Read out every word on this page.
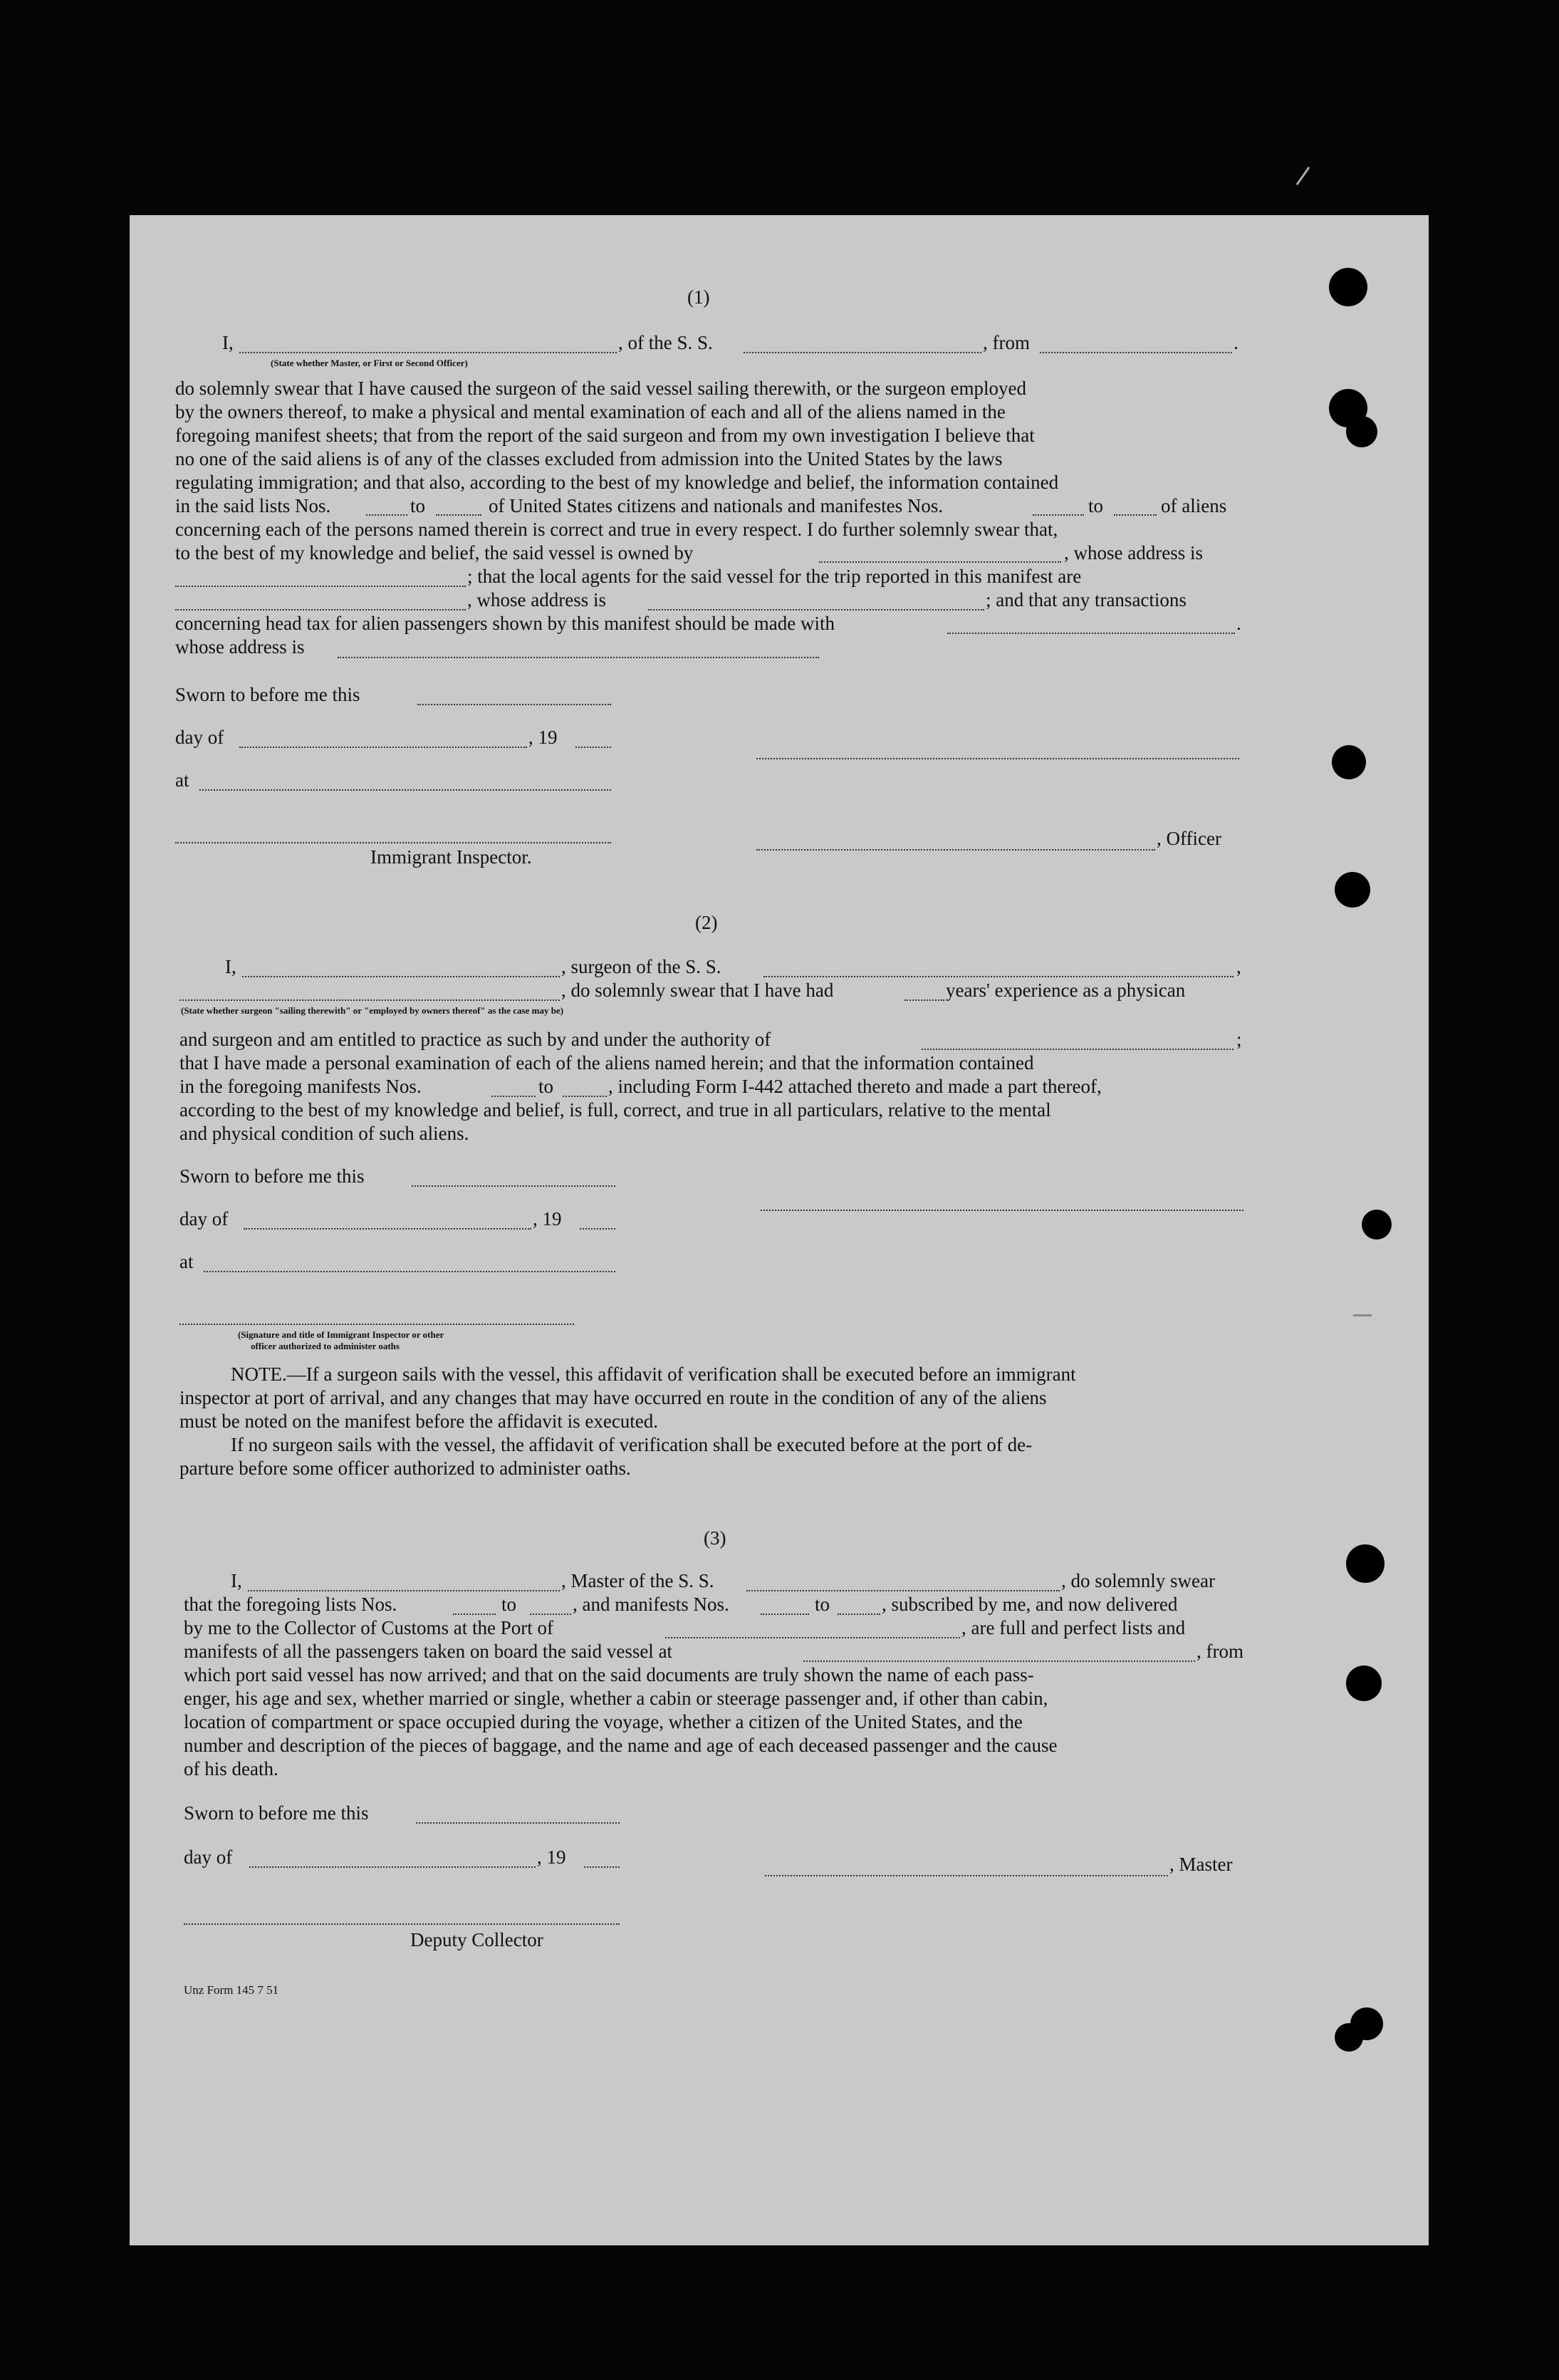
(1)
I,	, of the S. S.	, from	.
(State whether Master, or First or Second Officer)
do solemnly swear that I have caused the surgeon of the said vessel sailing therewith, or the surgeon employed
by the owners thereof, to make a physical and mental examination of each and all of the aliens named in the
foregoing manifest sheets; that from the report of the said surgeon and from my own investigation I believe that
no one of the said aliens is of any of the classes excluded from admission into the United States by the laws
regulating immigration; and that also, according to the best of my knowledge and belief, the information contained
in the said lists Nos.	to	of United States citizens and nationals and manifestes Nos.	to	of aliens
concerning each of the persons named therein is correct and true in every respect. I do further solemnly swear that,
to the best of my knowledge and belief, the said vessel is owned by	, whose address is
; that the local agents for the said vessel for the trip reported in this manifest are
, whose address is	; and that any transactions
concerning head tax for alien passengers shown by this manifest should be made with	.
whose address is
Sworn to before me this
day of	, 19
at
, Officer
Immigrant Inspector.
(2)
I,	, surgeon of the S. S.	,
, do solemnly swear that I have had	years' experience as a physican
(State whether surgeon "sailing therewith" or "employed by owners thereof" as the case may be)
and surgeon and am entitled to practice as such by and under the authority of	;
that I have made a personal examination of each of the aliens named herein; and that the information contained
in the foregoing manifests Nos.	to	, including Form I-442 attached thereto and made a part thereof,
according to the best of my knowledge and belief, is full, correct, and true in all particulars, relative to the mental
and physical condition of such aliens.
Sworn to before me this
day of	, 19
at
(Signature and title of Immigrant Inspector or other
officer authorized to administer oaths
NOTE.—If a surgeon sails with the vessel, this affidavit of verification shall be executed before an immigrant
inspector at port of arrival, and any changes that may have occurred en route in the condition of any of the aliens
must be noted on the manifest before the affidavit is executed.
If no surgeon sails with the vessel, the affidavit of verification shall be executed before at the port of de-
parture before some officer authorized to administer oaths.
(3)
I,	, Master of the S. S.	, do solemnly swear
that the foregoing lists Nos.	to	, and manifests Nos.	to	, subscribed by me, and now delivered
by me to the Collector of Customs at the Port of	, are full and perfect lists and
manifests of all the passengers taken on board the said vessel at	, from
which port said vessel has now arrived; and that on the said documents are truly shown the name of each pass-
enger, his age and sex, whether married or single, whether a cabin or steerage passenger and, if other than cabin,
location of compartment or space occupied during the voyage, whether a citizen of the United States, and the
number and description of the pieces of baggage, and the name and age of each deceased passenger and the cause
of his death.
Sworn to before me this
day of	, 19	, Master
Deputy Collector
Unz Form 145 7 51
